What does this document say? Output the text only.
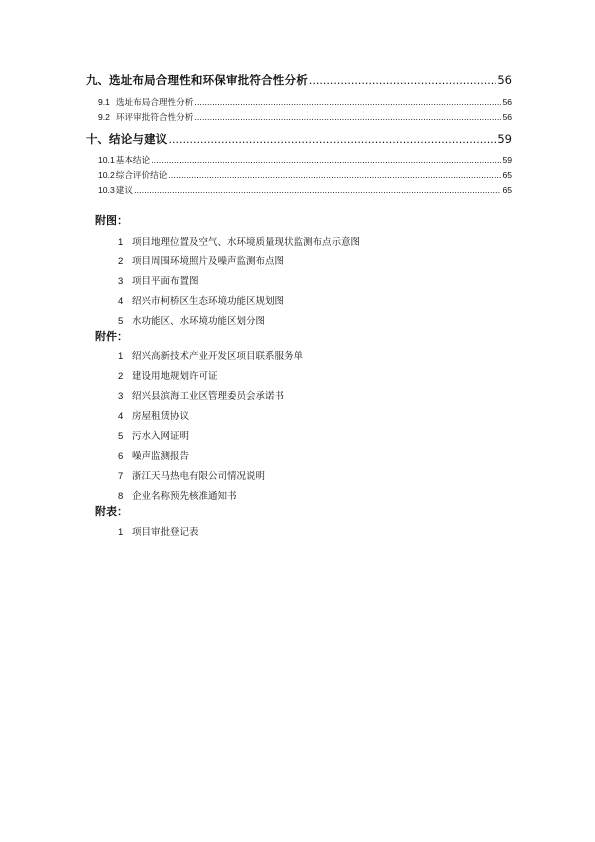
九、 选址布局合理性和环保审批符合性分析 .....	56
9.1 选址布局合理性分析 .....	56
9.2 环评审批符合性分析 .....	56
十、 结论与建议 .....	59
10.1 基本结论 .....	59
10.2 综合评价结论 .....	65
10.3 建议 .....	65
附图：
1 项目地理位置及空气、水环境质量现状监测布点示意图
2 项目周围环境照片及噪声监测布点图
3 项目平面布置图
4 绍兴市柯桥区生态环境功能区规划图
5 水功能区、水环境功能区划分图
附件：
1 绍兴高新技术产业开发区项目联系服务单
2 建设用地规划许可证
3 绍兴县滨海工业区管理委员会承诺书
4 房屋租赁协议
5 污水入网证明
6 噪声监测报告
7 浙江天马热电有限公司情况说明
8 企业名称预先核准通知书
附表：
1 项目审批登记表
